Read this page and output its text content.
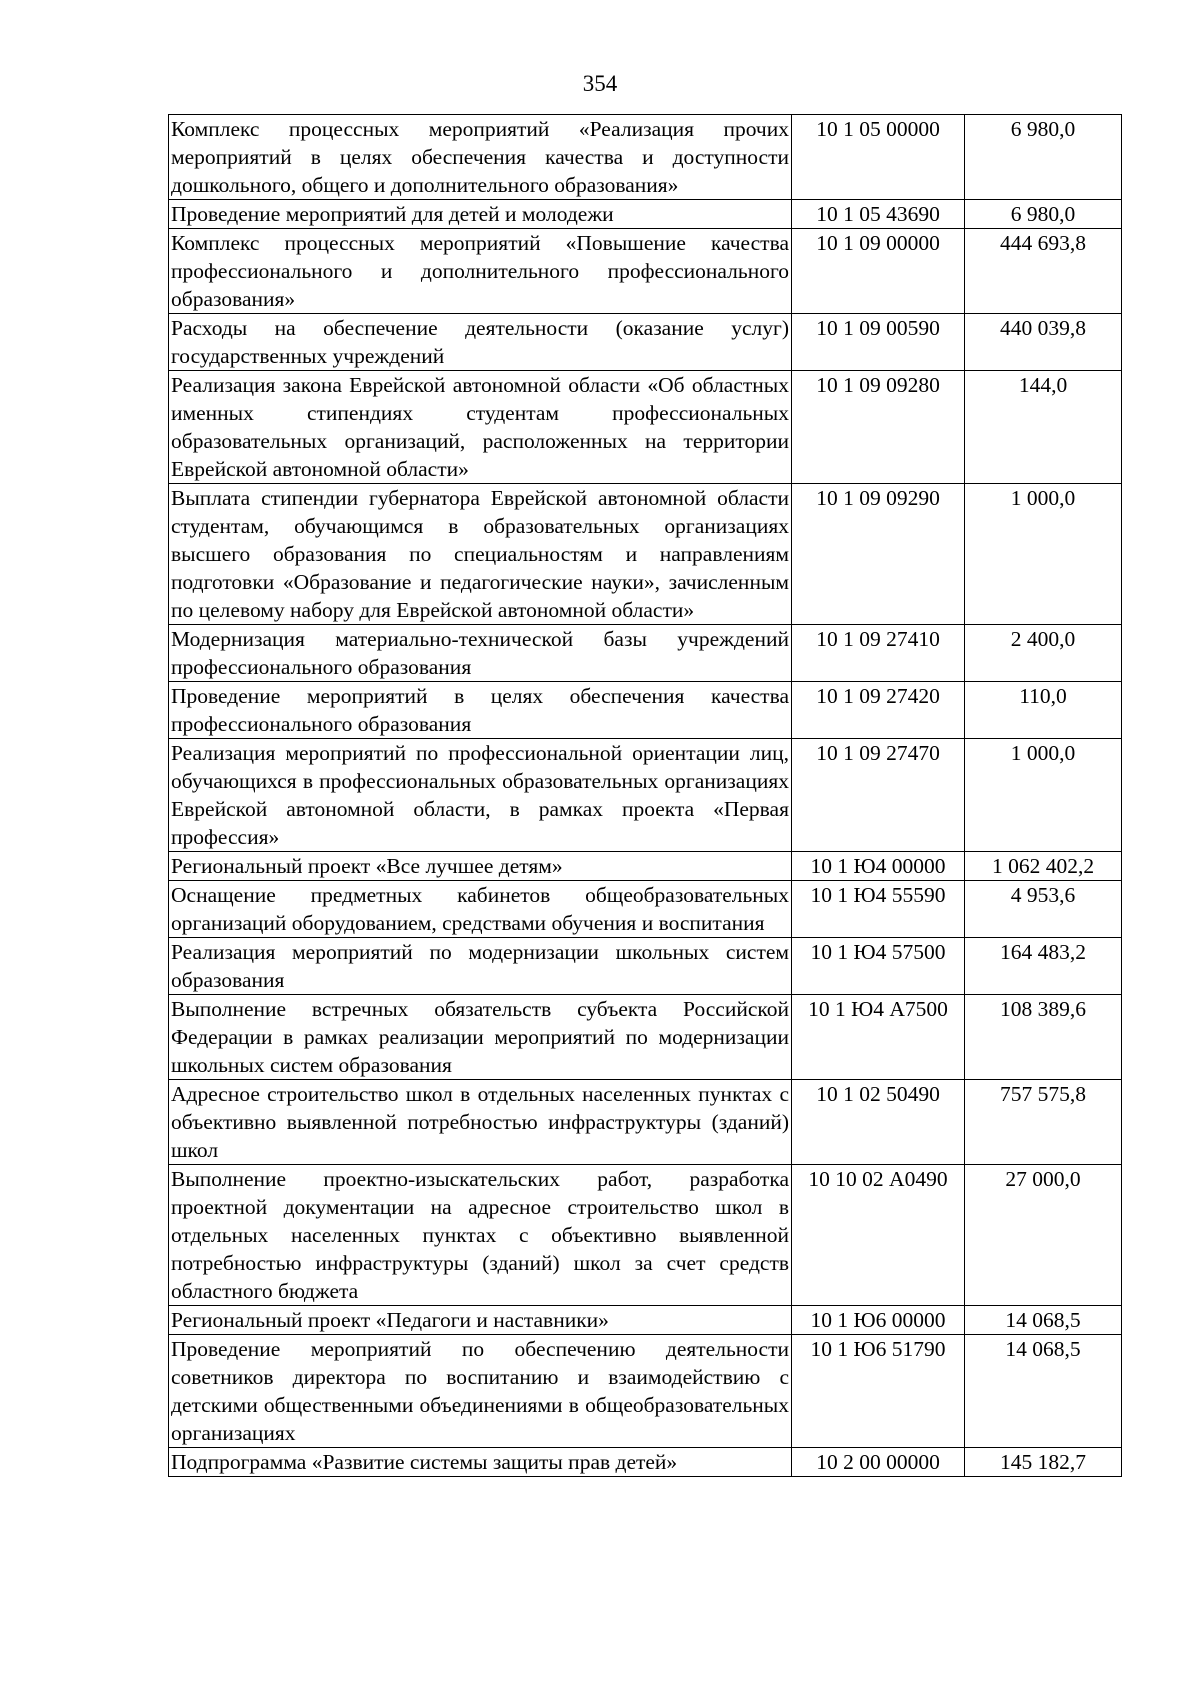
354
Комплекс процессных мероприятий «Реализация прочих мероприятий в целях обеспечения качества и доступности дошкольного, общего и дополнительного образования»	10 1 05 00000	6 980,0
Проведение мероприятий для детей и молодежи	10 1 05 43690	6 980,0
Комплекс процессных мероприятий «Повышение качества профессионального и дополнительного профессионального образования»	10 1 09 00000	444 693,8
Расходы на обеспечение деятельности (оказание услуг) государственных учреждений	10 1 09 00590	440 039,8
Реализация закона Еврейской автономной области «Об областных именных стипендиях студентам профессиональных образовательных организаций, расположенных на территории Еврейской автономной области»	10 1 09 09280	144,0
Выплата стипендии губернатора Еврейской автономной области студентам, обучающимся в образовательных организациях высшего образования по специальностям и направлениям подготовки «Образование и педагогические науки», зачисленным по целевому набору для Еврейской автономной области»	10 1 09 09290	1 000,0
Модернизация материально-технической базы учреждений профессионального образования	10 1 09 27410	2 400,0
Проведение мероприятий в целях обеспечения качества профессионального образования	10 1 09 27420	110,0
Реализация мероприятий по профессиональной ориентации лиц, обучающихся в профессиональных образовательных организациях Еврейской автономной области, в рамках проекта «Первая профессия»	10 1 09 27470	1 000,0
Региональный проект «Все лучшее детям»	10 1 Ю4 00000	1 062 402,2
Оснащение предметных кабинетов общеобразовательных организаций оборудованием, средствами обучения и воспитания	10 1 Ю4 55590	4 953,6
Реализация мероприятий по модернизации школьных систем образования	10 1 Ю4 57500	164 483,2
Выполнение встречных обязательств субъекта Российской Федерации в рамках реализации мероприятий по модернизации школьных систем образования	10 1 Ю4 А7500	108 389,6
Адресное строительство школ в отдельных населенных пунктах с объективно выявленной потребностью инфраструктуры (зданий) школ	10 1 02 50490	757 575,8
Выполнение проектно-изыскательских работ, разработка проектной документации на адресное строительство школ в отдельных населенных пунктах с объективно выявленной потребностью инфраструктуры (зданий) школ за счет средств областного бюджета	10 10 02 А0490	27 000,0
Региональный проект «Педагоги и наставники»	10 1 Ю6 00000	14 068,5
Проведение мероприятий по обеспечению деятельности советников директора по воспитанию и взаимодействию с детскими общественными объединениями в общеобразовательных организациях	10 1 Ю6 51790	14 068,5
Подпрограмма «Развитие системы защиты прав детей»	10 2 00 00000	145 182,7
